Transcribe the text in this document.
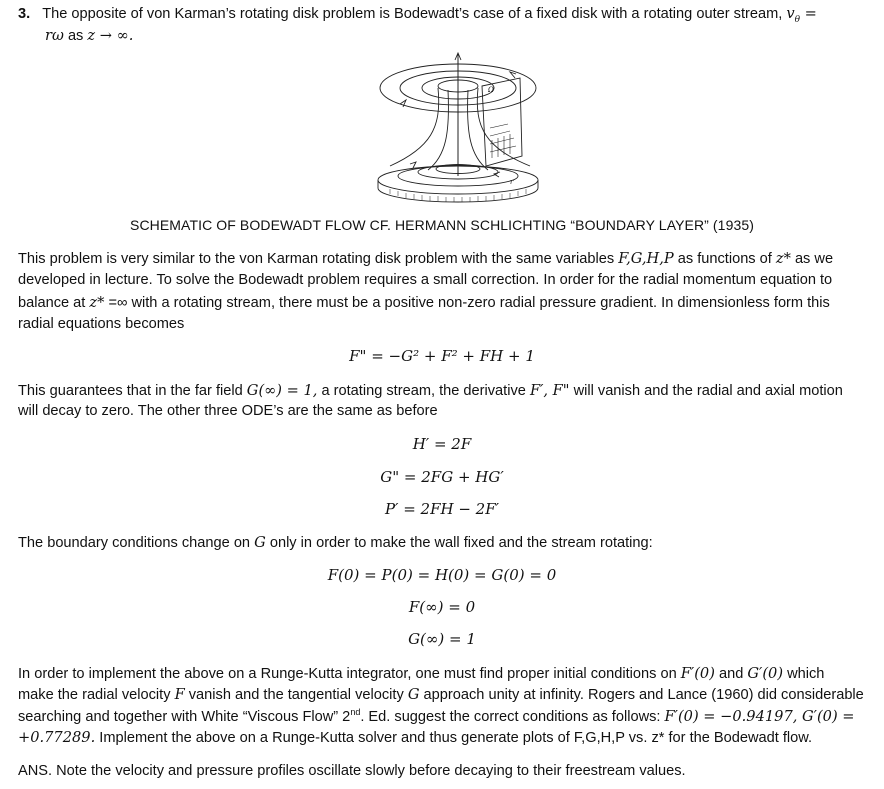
3. The opposite of von Karman’s rotating disk problem is Bodewadt’s case of a fixed disk with a rotating outer stream, $v_\theta$ =
rω as z → ∞.
Ω
r
SCHEMATIC OF BODEWADT FLOW CF. HERMANN SCHLICHTING “BOUNDARY LAYER” (1935)
This problem is very similar to the von Karman rotating disk problem with the same variables F,G,H,P as functions of z* as we
developed in lecture. To solve the Bodewadt problem requires a small correction. In order for the radial momentum equation to
balance at z* =∞ with a rotating stream, there must be a positive non-zero radial pressure gradient. In dimensionless form this
radial equations becomes
F" = −G² + F² + FH + 1
This guarantees that in the far field G(∞) = 1, a rotating stream, the derivative F′, F" will vanish and the radial and axial motion
will decay to zero. The other three ODE’s are the same as before
H′ = 2F
G" = 2FG + HG′
P′ = 2FH − 2F′
The boundary conditions change on G only in order to make the wall fixed and the stream rotating:
F(0) = P(0) = H(0) = G(0) = 0
F(∞) = 0
G(∞) = 1
In order to implement the above on a Runge-Kutta integrator, one must find proper initial conditions on F′(0) and G′(0) which
make the radial velocity F vanish and the tangential velocity G approach unity at infinity. Rogers and Lance (1960) did considerable
searching and together with White “Viscous Flow” 2nd. Ed. suggest the correct conditions as follows: F′(0) = −0.94197, G′(0) =
+0.77289. Implement the above on a Runge-Kutta solver and thus generate plots of F,G,H,P vs. z* for the Bodewadt flow.
ANS. Note the velocity and pressure profiles oscillate slowly before decaying to their freestream values.
